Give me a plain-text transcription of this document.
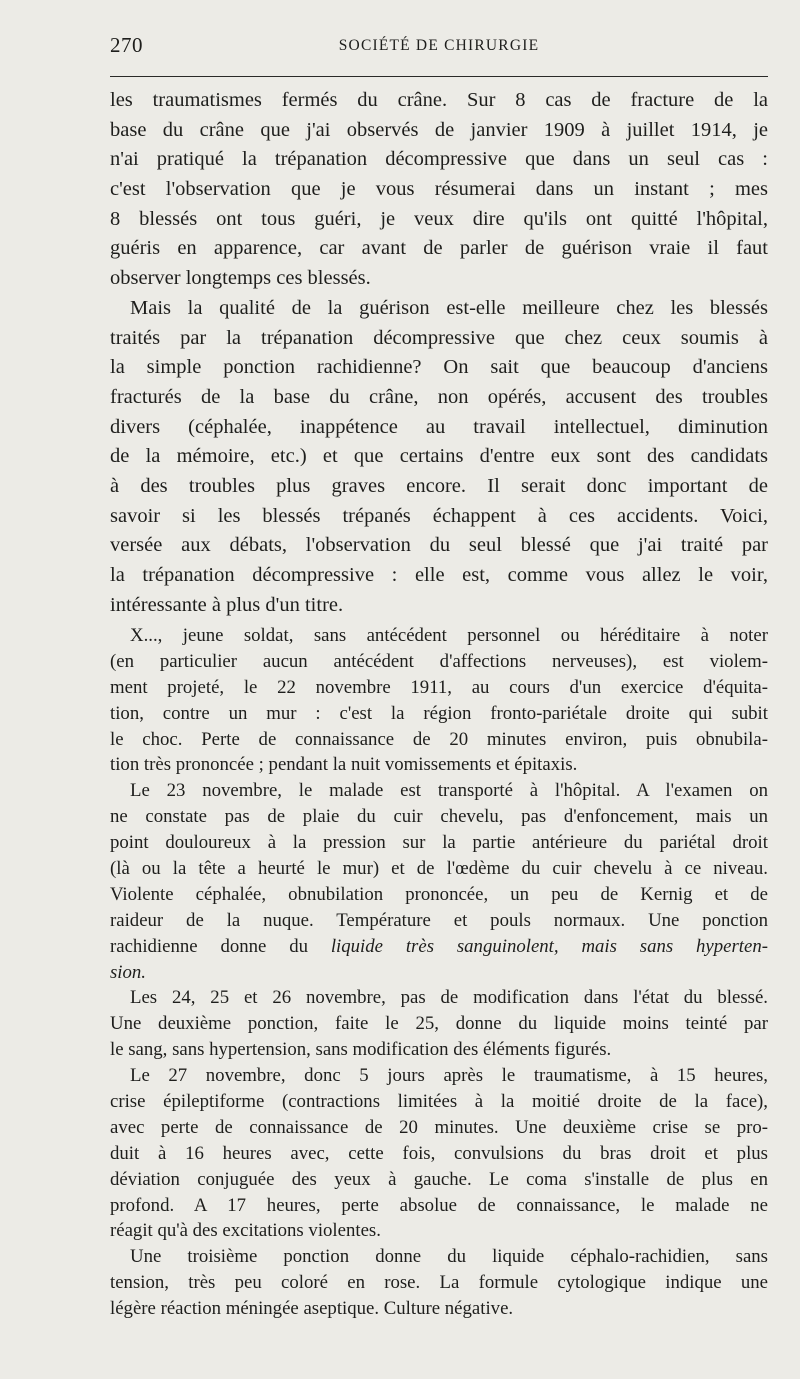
270	SOCIÉTÉ DE CHIRURGIE
les traumatismes fermés du crâne. Sur 8 cas de fracture de la
base du crâne que j'ai observés de janvier 1909 à juillet 1914, je
n'ai pratiqué la trépanation décompressive que dans un seul cas :
c'est l'observation que je vous résumerai dans un instant ; mes
8 blessés ont tous guéri, je veux dire qu'ils ont quitté l'hôpital,
guéris en apparence, car avant de parler de guérison vraie il faut
observer longtemps ces blessés.
Mais la qualité de la guérison est-elle meilleure chez les blessés
traités par la trépanation décompressive que chez ceux soumis à
la simple ponction rachidienne? On sait que beaucoup d'anciens
fracturés de la base du crâne, non opérés, accusent des troubles
divers (céphalée, inappétence au travail intellectuel, diminution
de la mémoire, etc.) et que certains d'entre eux sont des candidats
à des troubles plus graves encore. Il serait donc important de
savoir si les blessés trépanés échappent à ces accidents. Voici,
versée aux débats, l'observation du seul blessé que j'ai traité par
la trépanation décompressive : elle est, comme vous allez le voir,
intéressante à plus d'un titre.
X..., jeune soldat, sans antécédent personnel ou héréditaire à noter
(en particulier aucun antécédent d'affections nerveuses), est violem-
ment projeté, le 22 novembre 1911, au cours d'un exercice d'équita-
tion, contre un mur : c'est la région fronto-pariétale droite qui subit
le choc. Perte de connaissance de 20 minutes environ, puis obnubila-
tion très prononcée ; pendant la nuit vomissements et épitaxis.
Le 23 novembre, le malade est transporté à l'hôpital. A l'examen on
ne constate pas de plaie du cuir chevelu, pas d'enfoncement, mais un
point douloureux à la pression sur la partie antérieure du pariétal droit
(là ou la tête a heurté le mur) et de l'œdème du cuir chevelu à ce niveau.
Violente céphalée, obnubilation prononcée, un peu de Kernig et de
raideur de la nuque. Température et pouls normaux. Une ponction
rachidienne donne du liquide très sanguinolent, mais sans hyperten-
sion.
Les 24, 25 et 26 novembre, pas de modification dans l'état du blessé.
Une deuxième ponction, faite le 25, donne du liquide moins teinté par
le sang, sans hypertension, sans modification des éléments figurés.
Le 27 novembre, donc 5 jours après le traumatisme, à 15 heures,
crise épileptiforme (contractions limitées à la moitié droite de la face),
avec perte de connaissance de 20 minutes. Une deuxième crise se pro-
duit à 16 heures avec, cette fois, convulsions du bras droit et plus
déviation conjuguée des yeux à gauche. Le coma s'installe de plus en
profond. A 17 heures, perte absolue de connaissance, le malade ne
réagit qu'à des excitations violentes.
Une troisième ponction donne du liquide céphalo-rachidien, sans
tension, très peu coloré en rose. La formule cytologique indique une
légère réaction méningée aseptique. Culture négative.
